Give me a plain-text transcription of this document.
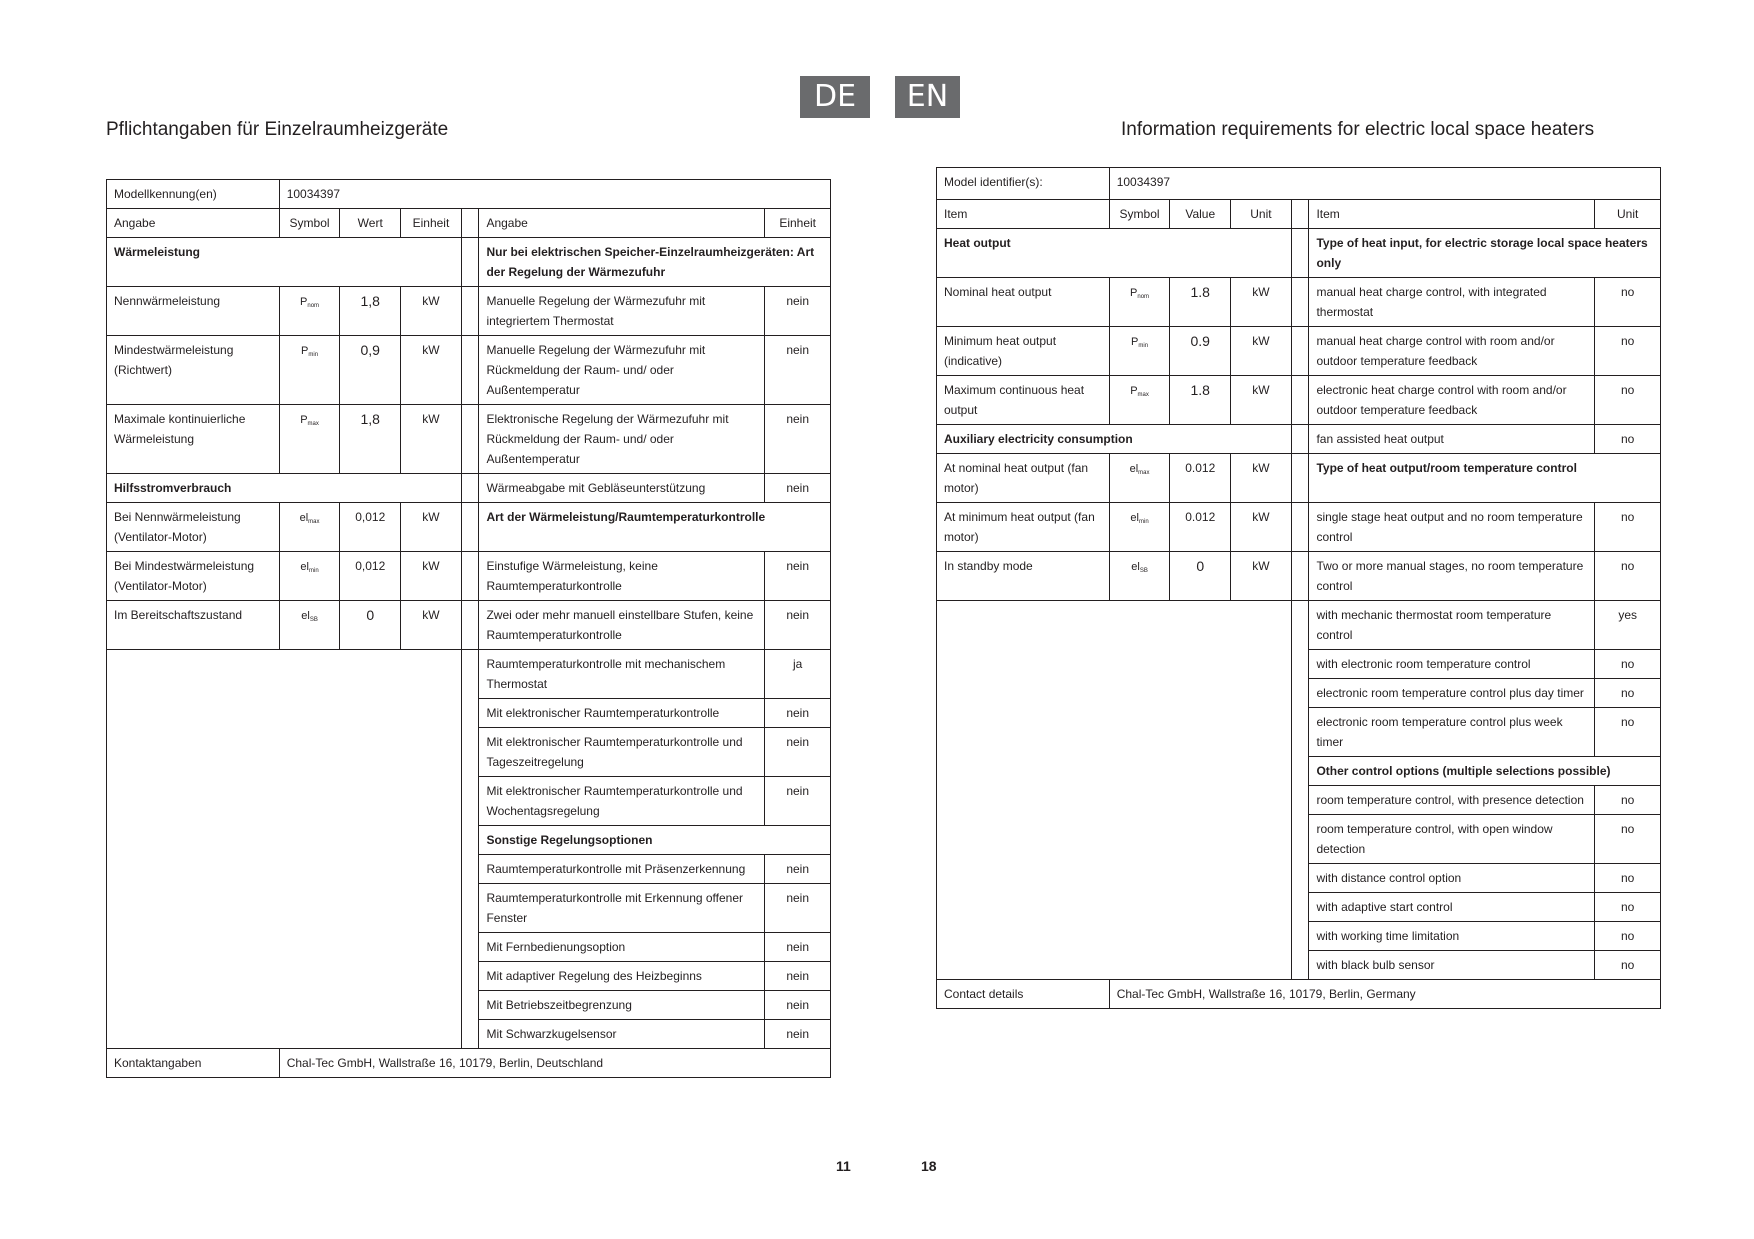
DE	EN
Pflichtangaben für Einzelraumheizgeräte	Information requirements for electric local space heaters
Modellkennung(en)	10034397					
Angabe	Symbol	Wert	Einheit		Angabe	Einheit
Wärmeleistung					Nur bei elektrischen Speicher-Einzelraumheizgeräten: Art der Regelung der Wärmezufuhr	
Nennwärmeleistung	$P_{nom}$	1,8	kW		Manuelle Regelung der Wärmezufuhr mit integriertem Thermostat	nein
Mindestwärmeleistung (Richtwert)	$P_{min}$	0,9	kW		Manuelle Regelung der Wärmezufuhr mit Rückmeldung der Raum- und/ oder Außentemperatur	nein
Maximale kontinuierliche Wärmeleistung	$P_{max}$	1,8	kW		Elektronische Regelung der Wärmezufuhr mit Rückmeldung der Raum- und/ oder Außentemperatur	nein
Hilfsstromverbrauch					Wärmeabgabe mit Gebläseunterstützung	nein
Bei Nennwärmeleistung (Ventilator-Motor)	$el_{max}$	0,012	kW		Art der Wärmeleistung/Raumtemperaturkontrolle	
Bei Mindestwärmeleistung (Ventilator-Motor)	$el_{min}$	0,012	kW		Einstufige Wärmeleistung, keine Raumtemperaturkontrolle	nein
Im Bereitschaftszustand	$el_{SB}$	0	kW		Zwei oder mehr manuell einstellbare Stufen, keine Raumtemperaturkontrolle	nein
					Raumtemperaturkontrolle mit mechanischem Thermostat	ja
					Mit elektronischer Raumtemperaturkontrolle	nein
					Mit elektronischer Raumtemperaturkontrolle und Tageszeitregelung	nein
					Mit elektronischer Raumtemperaturkontrolle und Wochentagsregelung	nein
					Sonstige Regelungsoptionen	
					Raumtemperaturkontrolle mit Präsenzerkennung	nein
					Raumtemperaturkontrolle mit Erkennung offener Fenster	nein
					Mit Fernbedienungsoption	nein
					Mit adaptiver Regelung des Heizbeginns	nein
					Mit Betriebszeitbegrenzung	nein
					Mit Schwarzkugelsensor	nein
Kontaktangaben	Chal-Tec GmbH, Wallstraße 16, 10179, Berlin, Deutschland					
Model identifier(s):	10034397					
Item	Symbol	Value	Unit		Item	Unit
Heat output					Type of heat input, for electric storage local space heaters only	
Nominal heat output	$P_{nom}$	1.8	kW		manual heat charge control, with integrated thermostat	no
Minimum heat output (indicative)	$P_{min}$	0.9	kW		manual heat charge control with room and/or outdoor temperature feedback	no
Maximum continuous heat output	$P_{max}$	1.8	kW		electronic heat charge control with room and/or outdoor temperature feedback	no
Auxiliary electricity consumption					fan assisted heat output	no
At nominal heat output (fan motor)	$el_{max}$	0.012	kW		Type of heat output/room temperature control	
At minimum heat output (fan motor)	$el_{min}$	0.012	kW		single stage heat output and no room temperature control	no
In standby mode	$el_{SB}$	0	kW		Two or more manual stages, no room temperature control	no
					with mechanic thermostat room temperature control	yes
					with electronic room temperature control	no
					electronic room temperature control plus day timer	no
					electronic room temperature control plus week timer	no
					Other control options (multiple selections possible)	
					room temperature control, with presence detection	no
					room temperature control, with open window detection	no
					with distance control option	no
					with adaptive start control	no
					with working time limitation	no
					with black bulb sensor	no
Contact details	Chal-Tec GmbH, Wallstraße 16, 10179, Berlin, Germany					
11	18
